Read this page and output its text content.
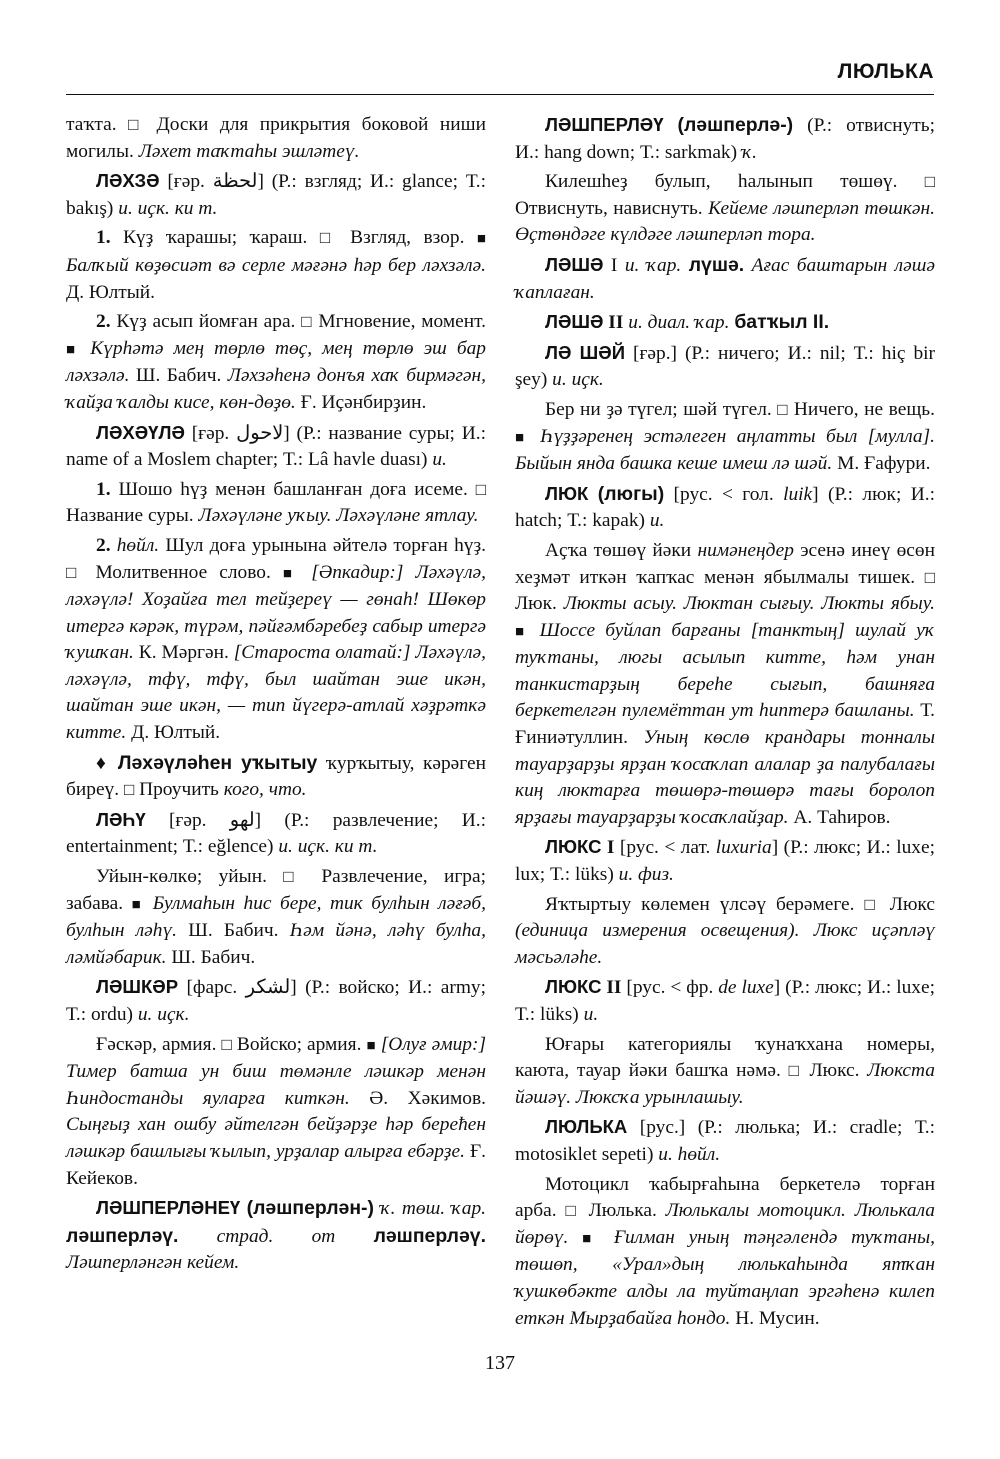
ЛЮЛЬКА

таҡта. □ Доски для прикрытия боковой ниши могилы. Ләхет таҡтаһы эшләтеү.

ЛӘХЗӘ [ғәр. لحظة] (Р.: взгляд; И.: glance; Т.: bakış) и. иҫк. ки т.

1. Күҙ ҡарашы; ҡараш. □ Взгляд, взор. ■ Балҡый көҙөсиәт вә серле мәғәнә һәр бер ләхзәлә. Д. Юлтый.

2. Күҙ асып йомған ара. □ Мгновение, момент. ■ Күрһәтә мең төрлө төҫ, мең төрлө эш бар ләхзәлә. Ш. Бабич. Ләхзәһенә донъя хаҡ бирмәгән, ҡайҙа ҡалды кисе, көн-дөҙө. Ғ. Иҫәнбирҙин.

ЛӘХӘҮЛӘ [ғәр. لاحول] (Р.: название суры; И.: name of a Moslem chapter; Т.: Lâ havle duası) и.

1. Шошо һүҙ менән башланған доға исеме. □ Название суры. Ләхәүләне уҡыу. Ләхәүләне ятлау.

2. һөйл. Шул доға урынына әйтелә торған һүҙ. □ Молитвенное слово. ■ [Әпкадир:] Ләхәүлә, ләхәүлә! Хоҙайға тел тейҙереү — гөнаһ! Шөкөр итергә кәрәк, түрәм, пәйғәмбәребеҙ сабыр итергә ҡушҡан. К. Мәргән. [Староста олатай:] Ләхәүлә, ләхәүлә, тфү, тфү, был шайтан эше икән, шайтан эше икән, — тип йүгерә-атлай хәҙрәткә китте. Д. Юлтый.

♦ Ләхәүләһен уҡытыу ҡурҡытыу, кәрәген биреү. □ Проучить кого, что.

ЛӘҺҮ [ғәр. لهو] (Р.: развлечение; И.: entertainment; Т.: eğlence) и. иҫк. ки т.

Уйын-көлкө; уйын. □ Развлечение, игра; забава. ■ Булмаһын һис бере, тик булһын ләғәб, булһын ләһү. Ш. Бабич. Һәм йәнә, ләһү булһа, ләмйәбарик. Ш. Бабич.

ЛӘШКӘР [фарс. لشكر] (Р.: войско; И.: army; Т.: ordu) и. иҫк.

Ғәскәр, армия. □ Войско; армия. ■ [Олуғ әмир:] Тимер батша ун биш төмәнле ләшкәр менән Һиндостанды яуларға киткән. Ә. Хәкимов. Сыңғыҙ хан ошбу әйтелгән бейҙәрҙе һәр берећен ләшкәр башлығы ҡылып, урҙалар алырға ебәрҙе. Ғ. Кейеков.

ЛӘШПЕРЛӘНЕҮ (ләшперлән-) ҡ. төш. ҡар. ләшперләү. страд. от ләшперләү. Ләшперләнгән кейем.

ЛӘШПЕРЛӘҮ (ләшперлә-) (Р.: отвиснуть; И.: hang down; Т.: sarkmak) ҡ.

Килешһеҙ булып, һалынып төшөү. □ Отвиснуть, нависнуть. Кейеме ләшперләп төшкән. Өҫтөндәге күлдәге ләшперләп тора.

ЛӘШӘ I и. ҡар. лүшә. Ағас баштарын ләшә ҡаплаған.

ЛӘШӘ II и. диал. ҡар. батҡыл II.

ЛӘ ШӘЙ [ғәр.] (Р.: ничего; И.: nil; Т.: hiç bir şey) и. иҫк.

Бер ни ҙә түгел; шәй түгел. □ Ничего, не вещь. ■ Һүҙҙәренең эстәлеген аңлатты был [мулла]. Быйын янда башка кеше имеш лә шәй. М. Ғафури.

ЛЮК (люгы) [рус. < гол. luik] (Р.: люк; И.: hatch; Т.: kapak) и.

Аҫҡа төшөү йәки нимәнеңдер эсенә инеү өсөн хеҙмәт иткән ҡапҡас менән ябылмалы тишек. □ Люк. Люкты асыу. Люктан сығыу. Люкты ябыу. ■ Шоссе буйлап барғаны [танктың] шулай уҡ туҡтаны, люгы асылып китте, һәм унан танкистарҙың береһе сығып, башняға беркетелгән пулемёттан ут һиптерә башланы. Т. Ғиниәтуллин. Уның көслө крандары тонналы тауарҙарҙы ярҙан ҡосаҡлап алалар ҙа палубалағы киң люктарға төшөрә-төшөрә тағы боролоп ярҙағы тауарҙарҙы ҡосаҡлайҙар. А. Таһиров.

ЛЮКС I [рус. < лат. luxuria] (Р.: люкс; И.: luxe; lux; Т.: lüks) и. физ.

Яҡтыртыу көлемен үлсәү берәмеге. □ Люкс (единица измерения освещения). Люкс иҫәпләү мәсьәләһе.

ЛЮКС II [рус. < фр. de luxe] (Р.: люкс; И.: luxe; Т.: lüks) и.

Юғары категориялы ҡунаҡхана номеры, каюта, тауар йәки башҡа нәмә. □ Люкс. Люкста йәшәү. Люксҡа урынлашыу.

ЛЮЛЬКА [рус.] (Р.: люлька; И.: cradle; Т.: motosiklet sepeti) и. һөйл.

Мотоцикл ҡабырғаһына беркетелә торған арба. □ Люлька. Люлькалы мотоцикл. Люлькала йөрөү. ■ Ғилман уның тәңгәлендә туҡтаны, төшөп, «Урал»дың люлькаһында ятҡан ҡушкөбәкте алды ла туйтаңлап эргәһенә килеп еткән Мырҙабайға һондо. Н. Мусин.

137
